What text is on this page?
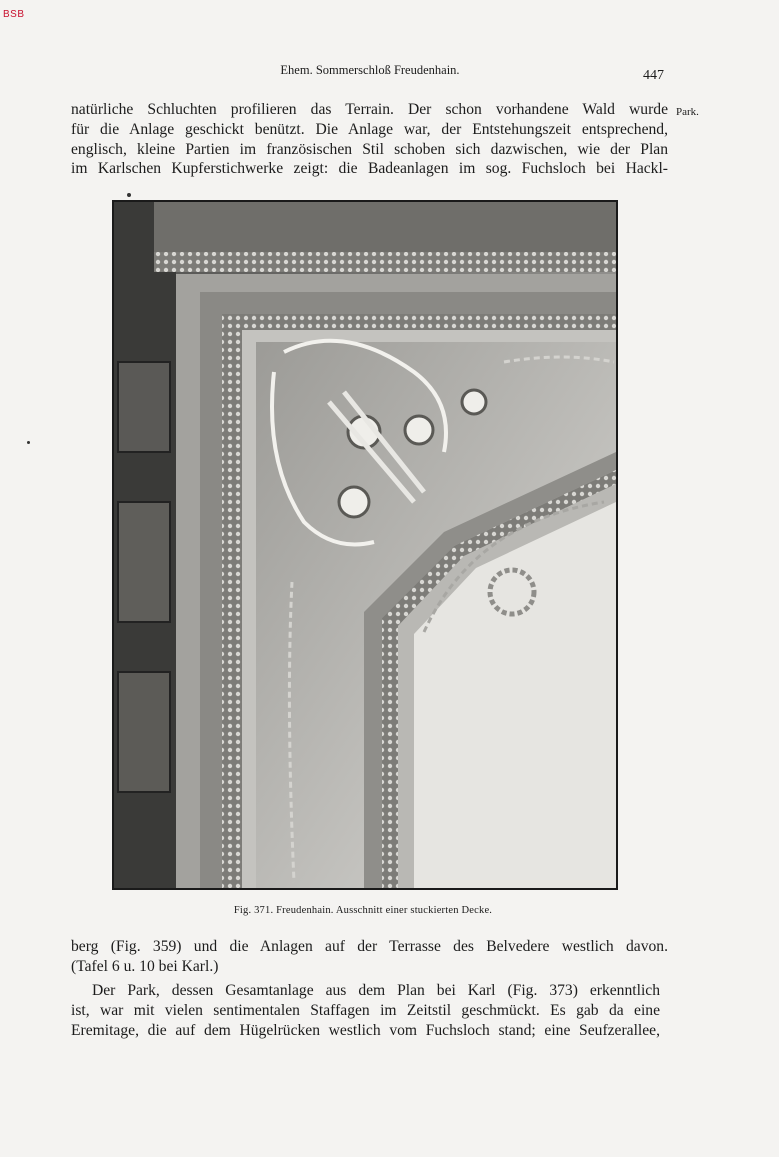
BSB
Ehem. Sommerschloß Freudenhain.	447
Park.
natürliche Schluchten profilieren das Terrain. Der schon vorhandene Wald wurde
für die Anlage geschickt benützt. Die Anlage war, der Entstehungszeit entsprechend,
englisch, kleine Partien im französischen Stil schoben sich dazwischen, wie der Plan
im Karlschen Kupferstichwerke zeigt: die Badeanlagen im sog. Fuchsloch bei Hackl-
Fig. 371. Freudenhain. Ausschnitt einer stuckierten Decke.
berg (Fig. 359) und die Anlagen auf der Terrasse des Belvedere westlich davon.
(Tafel 6 u. 10 bei Karl.)
Der Park, dessen Gesamtanlage aus dem Plan bei Karl (Fig. 373) erkenntlich
ist, war mit vielen sentimentalen Staffagen im Zeitstil geschmückt. Es gab da eine
Eremitage, die auf dem Hügelrücken westlich vom Fuchsloch stand; eine Seufzerallee,
